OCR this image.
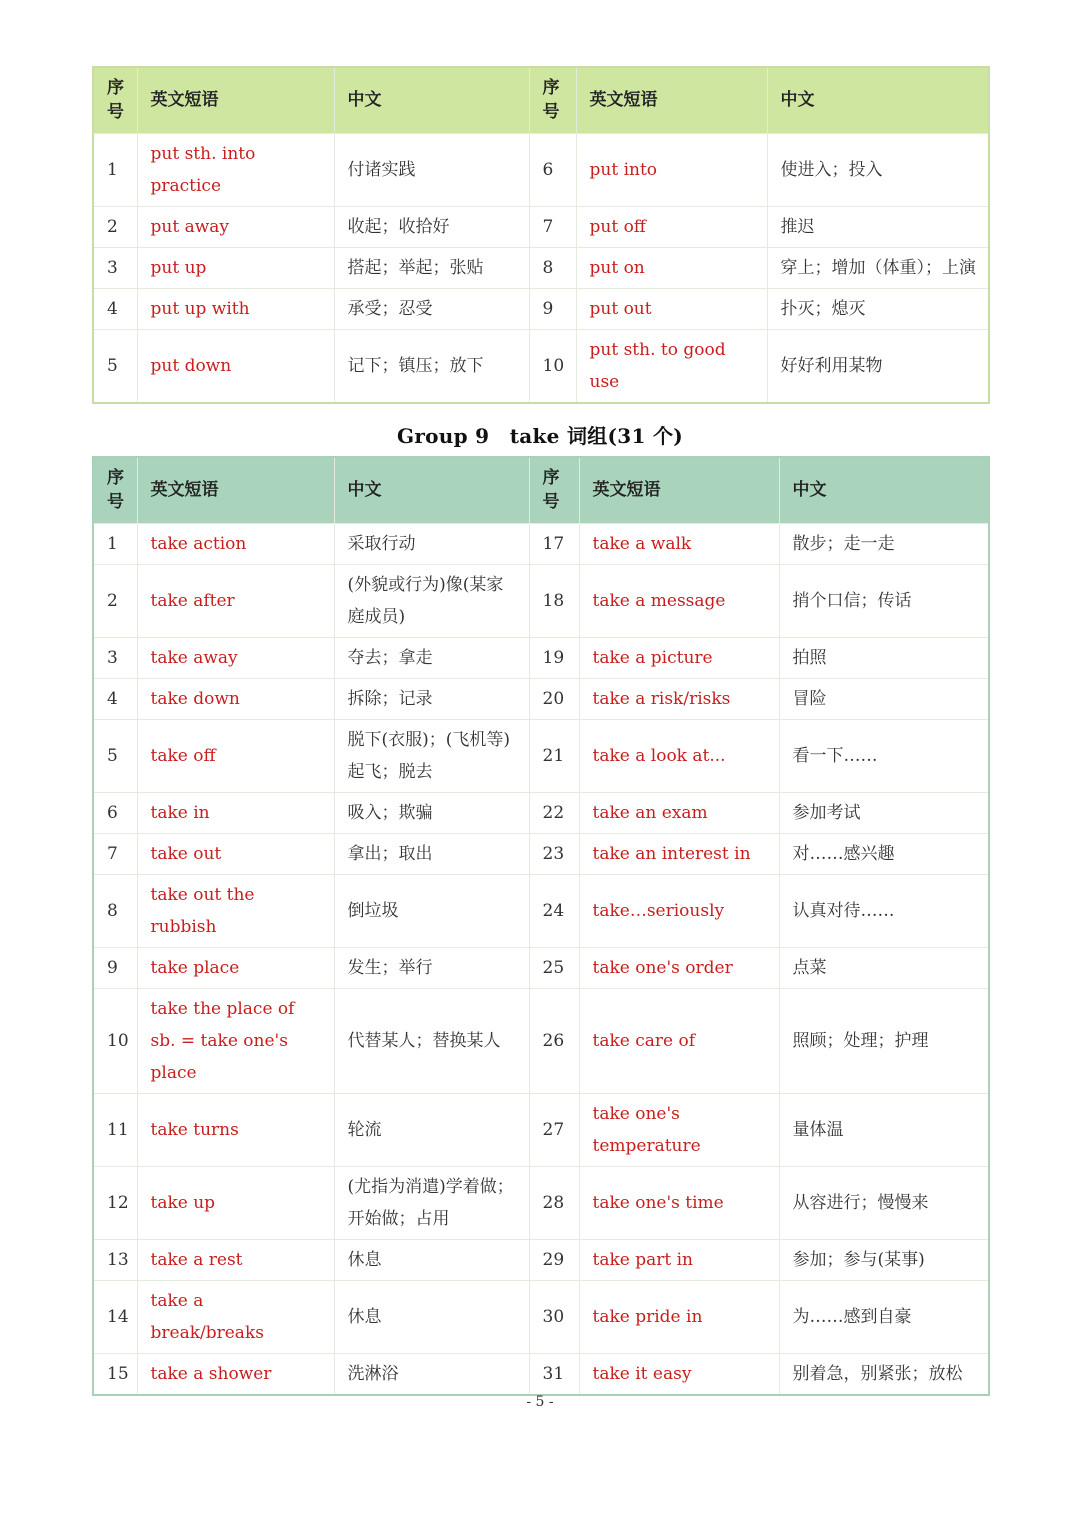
序号	英文短语	中文	序号	英文短语	中文
1	put sth. into practice	付诸实践	6	put into	使进入；投入
2	put away	收起；收拾好	7	put off	推迟
3	put up	搭起；举起；张贴	8	put on	穿上；增加（体重）；上演
4	put up with	承受；忍受	9	put out	扑灭；熄灭
5	put down	记下；镇压；放下	10	put sth. to good use	好好利用某物
Group 9　take 词组(31 个)
序号	英文短语	中文	序号	英文短语	中文
1	take action	采取行动	17	take a walk	散步；走一走
2	take after	(外貌或行为)像(某家庭成员)	18	take a message	捎个口信；传话
3	take away	夺去；拿走	19	take a picture	拍照
4	take down	拆除；记录	20	take a risk/risks	冒险
5	take off	脱下(衣服)；(飞机等)起飞；脱去	21	take a look at...	看一下……
6	take in	吸入；欺骗	22	take an exam	参加考试
7	take out	拿出；取出	23	take an interest in	对……感兴趣
8	take out the rubbish	倒垃圾	24	take…seriously	认真对待……
9	take place	发生；举行	25	take one's order	点菜
10	take the place of sb. = take one's place	代替某人；替换某人	26	take care of	照顾；处理；护理
11	take turns	轮流	27	take one's temperature	量体温
12	take up	(尤指为消遣)学着做；开始做；占用	28	take one's time	从容进行；慢慢来
13	take a rest	休息	29	take part in	参加；参与(某事)
14	take a break/breaks	休息	30	take pride in	为……感到自豪
15	take a shower	洗淋浴	31	take it easy	别着急，别紧张；放松
- 5 -
